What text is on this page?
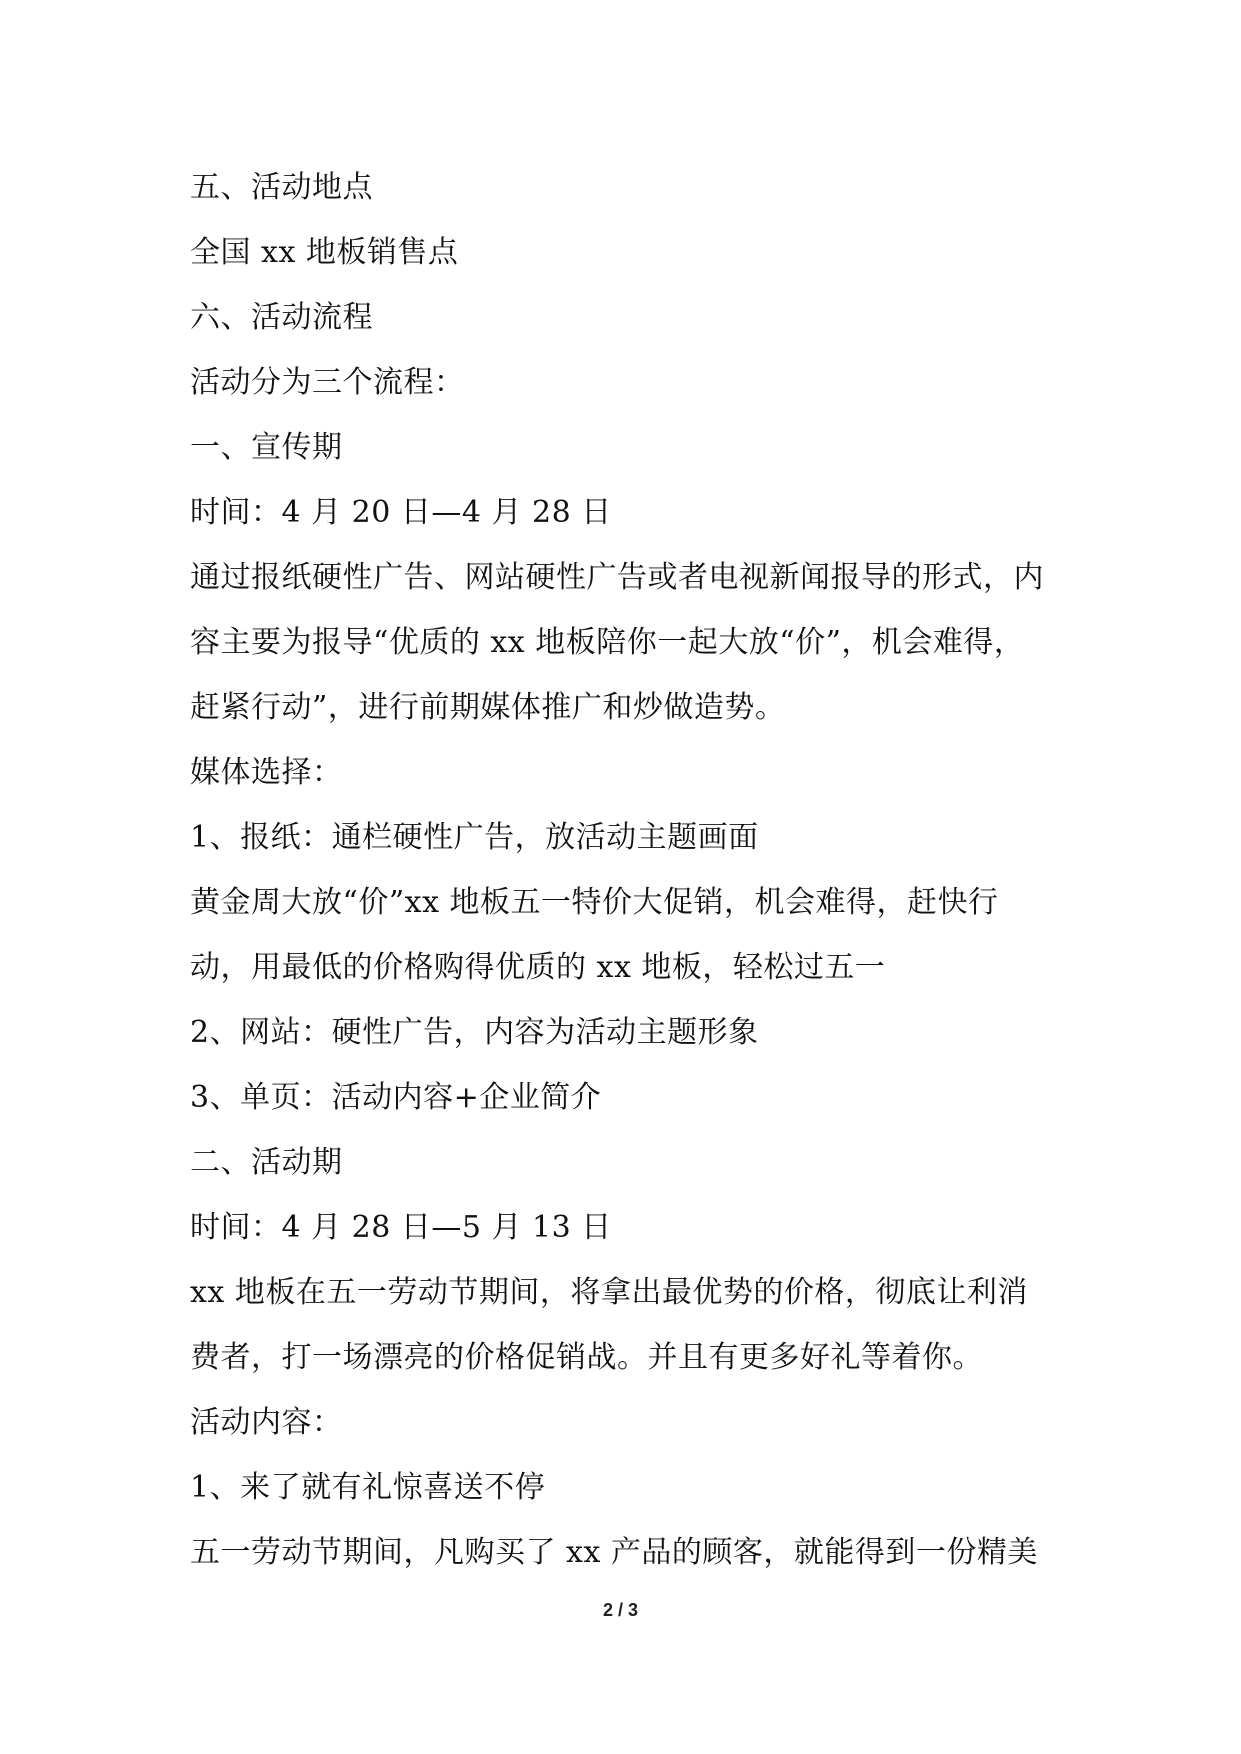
五、活动地点
全国 xx 地板销售点
六、活动流程
活动分为三个流程：
一、宣传期
时间：4 月 20 日—4 月 28 日
通过报纸硬性广告、网站硬性广告或者电视新闻报导的形式，内
容主要为报导“优质的 xx 地板陪你一起大放“价”，机会难得，
赶紧行动”，进行前期媒体推广和炒做造势。
媒体选择：
1、报纸：通栏硬性广告，放活动主题画面
黄金周大放“价”xx 地板五一特价大促销，机会难得，赶快行
动，用最低的价格购得优质的 xx 地板，轻松过五一
2、网站：硬性广告，内容为活动主题形象
3、单页：活动内容+企业简介
二、活动期
时间：4 月 28 日—5 月 13 日
xx 地板在五一劳动节期间，将拿出最优势的价格，彻底让利消
费者，打一场漂亮的价格促销战。并且有更多好礼等着你。
活动内容：
1、来了就有礼惊喜送不停
五一劳动节期间，凡购买了 xx 产品的顾客，就能得到一份精美
2 / 3
